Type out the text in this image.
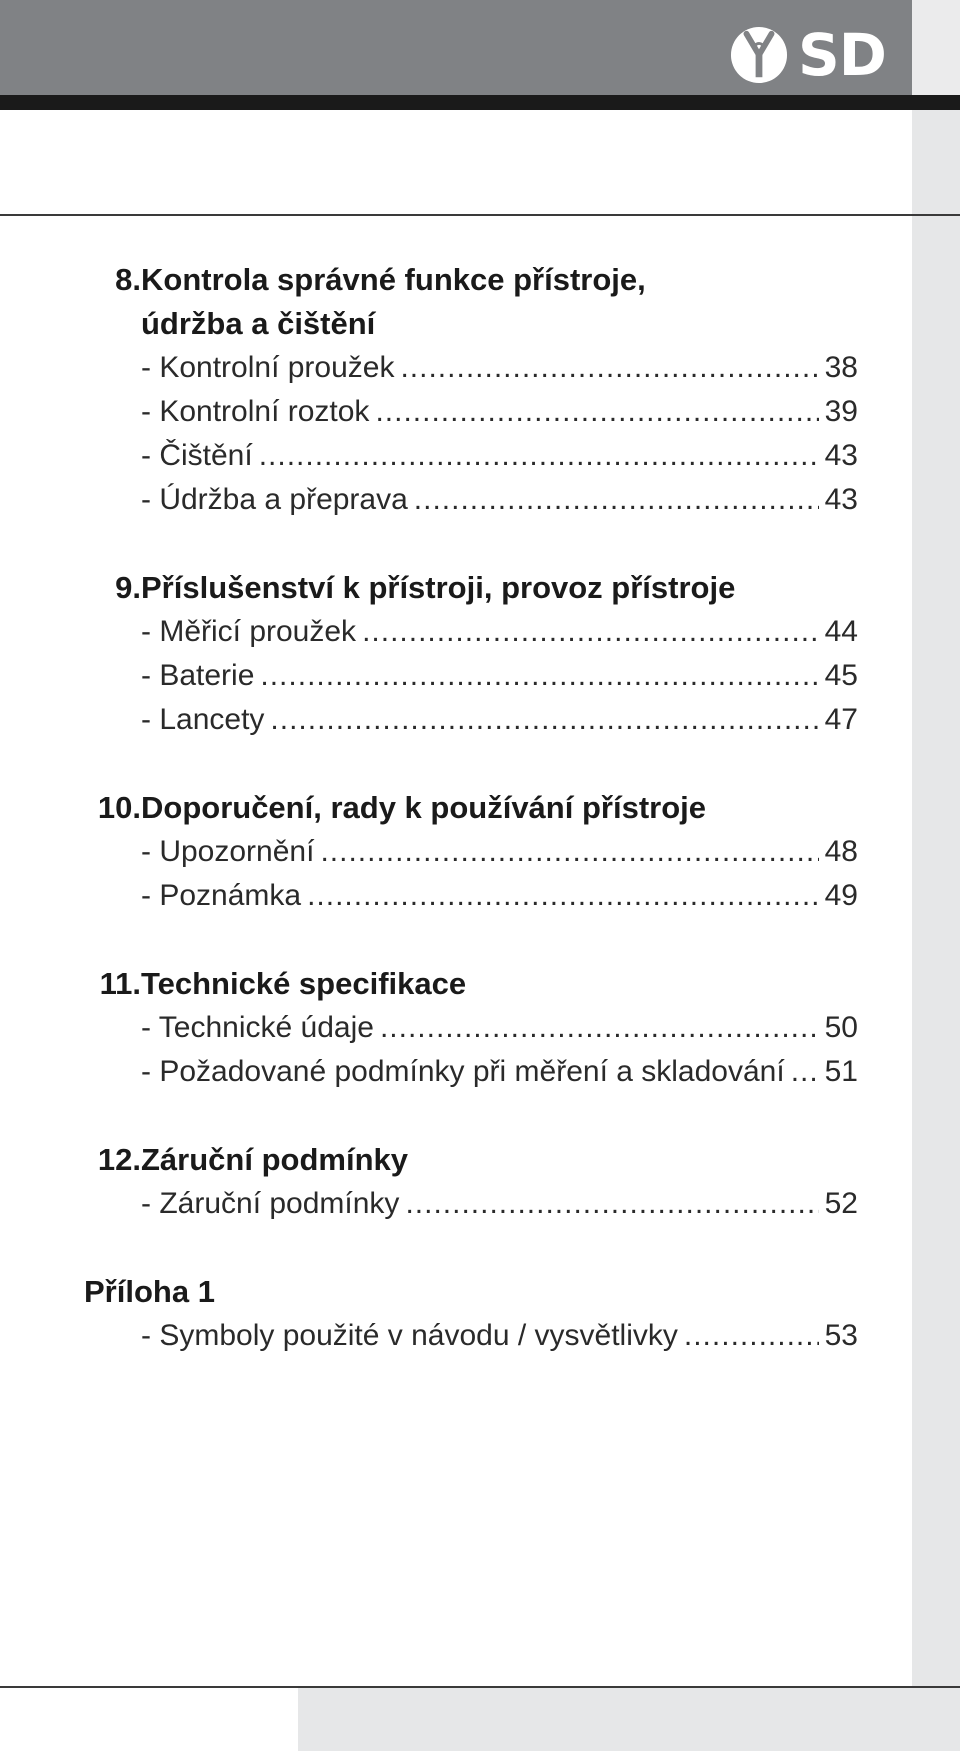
SD
8. Kontrola správné funkce přístroje,
údržba a čištění
- Kontrolní proužek .....	38
- Kontrolní roztok .....	39
- Čištění .....	43
- Údržba a přeprava .....	43
9. Příslušenství k přístroji, provoz přístroje
- Měřicí proužek .....	44
- Baterie .....	45
- Lancety .....	47
10. Doporučení, rady k používání přístroje
- Upozornění .....	48
- Poznámka .....	49
11. Technické specifikace
- Technické údaje .....	50
- Požadované podmínky při měření a skladování ..... 51
12. Záruční podmínky
- Záruční podmínky .....	52
Příloha 1
- Symboly použité v návodu / vysvětlivky .....	53
